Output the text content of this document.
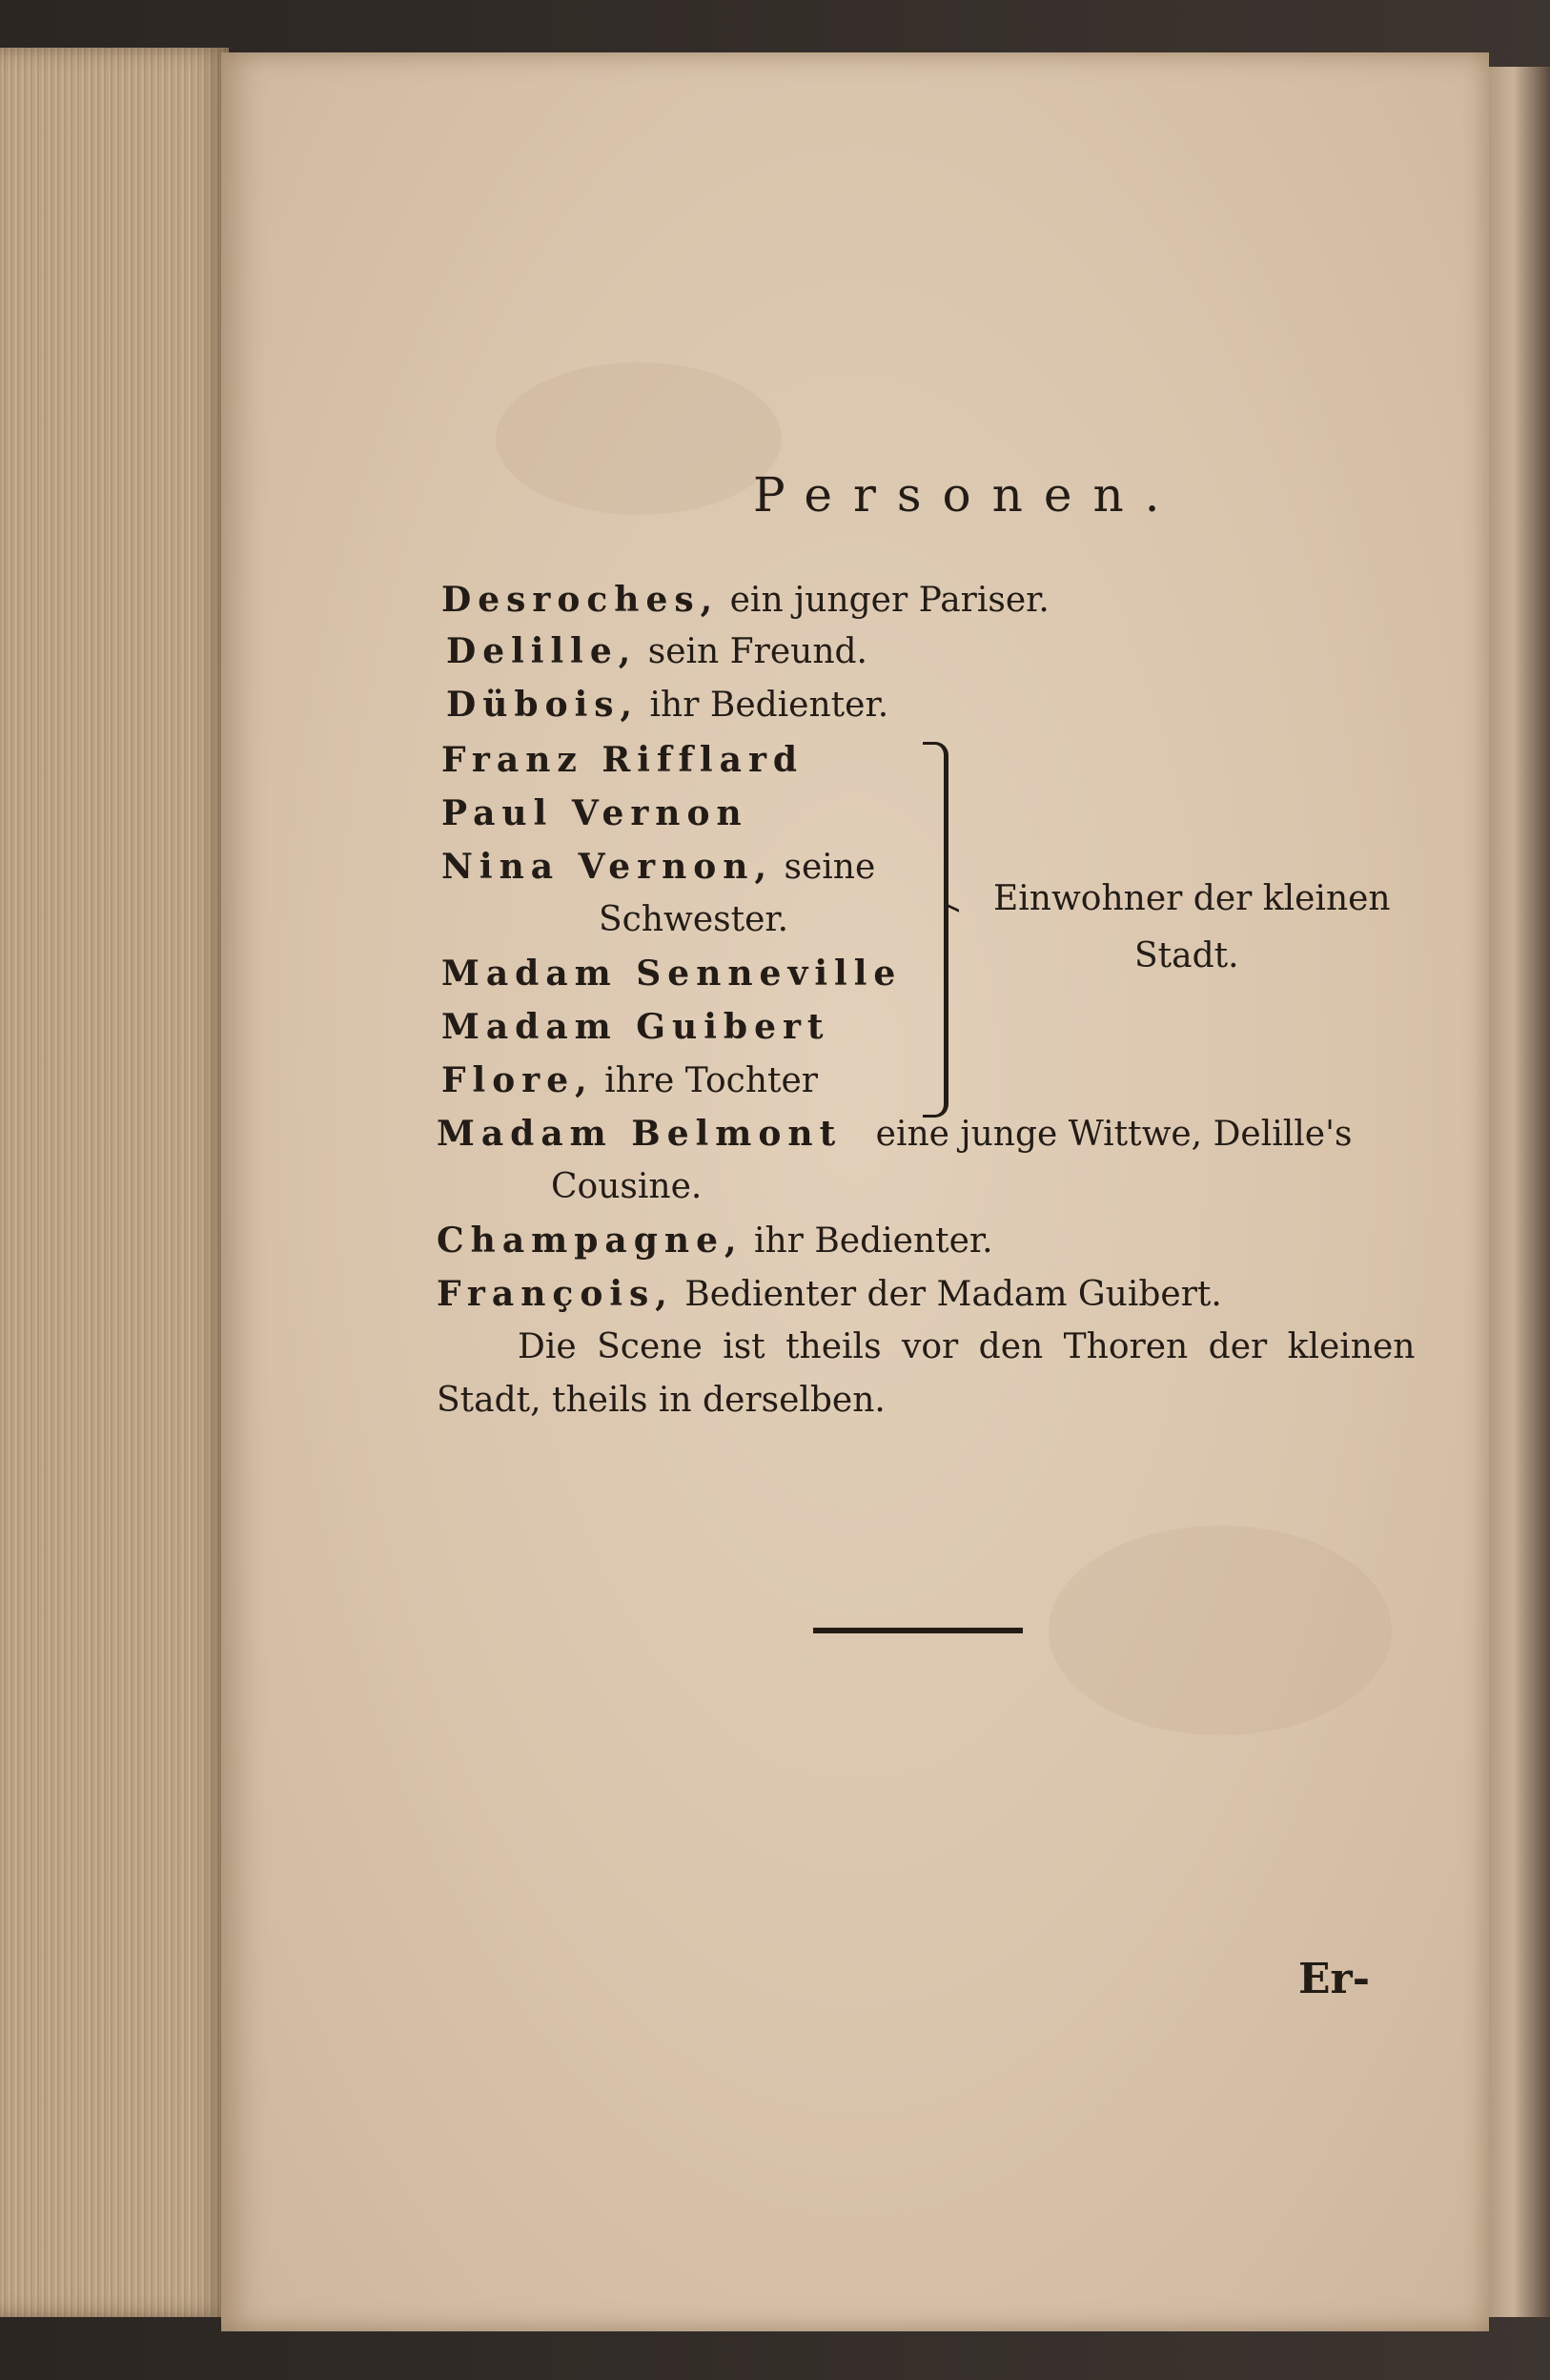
Personen.
Desroches, ein junger Pariser.
Delille, sein Freund.
Dübois, ihr Bedienter.
Franz Rifflard
Paul Vernon
Nina Vernon, seine
Schwester.
Madam Senneville
Madam Guibert
Flore, ihre Tochter
Einwohner der kleinen
Stadt.
Madam Belmont eine junge Wittwe, Delille's
Cousine.
Champagne, ihr Bedienter.
François, Bedienter der Madam Guibert.
Die Scene ist theils vor den Thoren der kleinen
Stadt, theils in derselben.
Er-
